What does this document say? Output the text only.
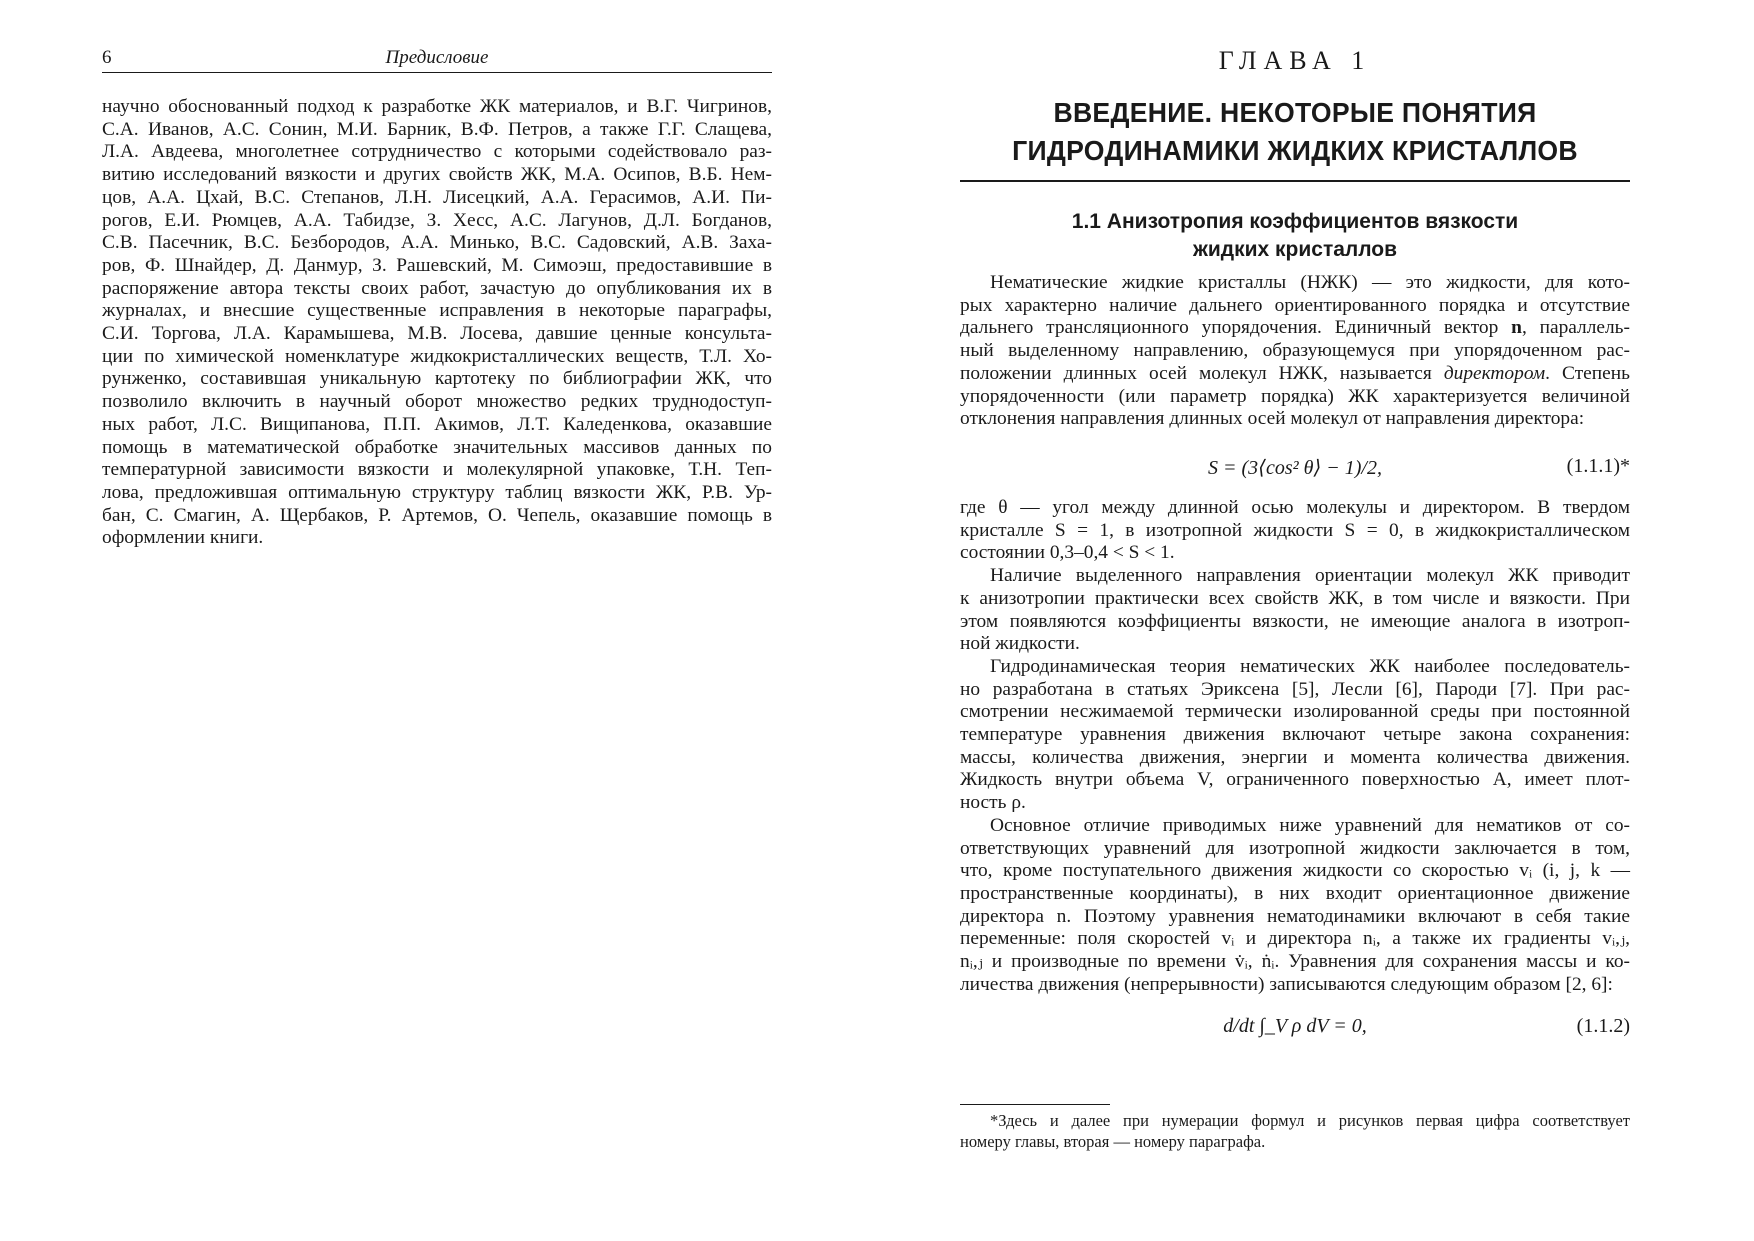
6	Предисловие
научно обоснованный подход к разработке ЖК материалов, и В.Г. Чигринов,
С.А. Иванов, А.С. Сонин, М.И. Барник, В.Ф. Петров, а также Г.Г. Слащева,
Л.А. Авдеева, многолетнее сотрудничество с которыми содействовало раз-
витию исследований вязкости и других свойств ЖК, М.А. Осипов, В.Б. Нем-
цов, А.А. Цхай, В.С. Степанов, Л.Н. Лисецкий, А.А. Герасимов, А.И. Пи-
рогов, Е.И. Рюмцев, А.А. Табидзе, З. Хесс, А.С. Лагунов, Д.Л. Богданов,
С.В. Пасечник, В.С. Безбородов, А.А. Минько, В.С. Садовский, А.В. Заха-
ров, Ф. Шнайдер, Д. Данмур, З. Рашевский, М. Симоэш, предоставившие в
распоряжение автора тексты своих работ, зачастую до опубликования их в
журналах, и внесшие существенные исправления в некоторые параграфы,
С.И. Торгова, Л.А. Карамышева, М.В. Лосева, давшие ценные консульта-
ции по химической номенклатуре жидкокристаллических веществ, Т.Л. Хо-
рунженко, составившая уникальную картотеку по библиографии ЖК, что
позволило включить в научный оборот множество редких труднодоступ-
ных работ, Л.С. Вищипанова, П.П. Акимов, Л.Т. Каледенкова, оказавшие
помощь в математической обработке значительных массивов данных по
температурной зависимости вязкости и молекулярной упаковке, Т.Н. Теп-
лова, предложившая оптимальную структуру таблиц вязкости ЖК, Р.В. Ур-
бан, С. Смагин, А. Щербаков, Р. Артемов, О. Чепель, оказавшие помощь в
оформлении книги.
ГЛАВА 1
ВВЕДЕНИЕ. НЕКОТОРЫЕ ПОНЯТИЯ
ГИДРОДИНАМИКИ ЖИДКИХ КРИСТАЛЛОВ
1.1 Анизотропия коэффициентов вязкости
жидких кристаллов
Нематические жидкие кристаллы (НЖК) — это жидкости, для кото-
рых характерно наличие дальнего ориентированного порядка и отсутствие
дальнего трансляционного упорядочения. Единичный вектор n, параллель-
ный выделенному направлению, образующемуся при упорядоченном рас-
положении длинных осей молекул НЖК, называется директором. Степень
упорядоченности (или параметр порядка) ЖК характеризуется величиной
отклонения направления длинных осей молекул от направления директора:
S = (3⟨cos² θ⟩ − 1)/2,	(1.1.1)*
где θ — угол между длинной осью молекулы и директором. В твердом
кристалле S = 1, в изотропной жидкости S = 0, в жидкокристаллическом
состоянии 0,3–0,4 < S < 1.
Наличие выделенного направления ориентации молекул ЖК приводит
к анизотропии практически всех свойств ЖК, в том числе и вязкости. При
этом появляются коэффициенты вязкости, не имеющие аналога в изотроп-
ной жидкости.
Гидродинамическая теория нематических ЖК наиболее последователь-
но разработана в статьях Эриксена [5], Лесли [6], Пароди [7]. При рас-
смотрении несжимаемой термически изолированной среды при постоянной
температуре уравнения движения включают четыре закона сохранения:
массы, количества движения, энергии и момента количества движения.
Жидкость внутри объема V, ограниченного поверхностью A, имеет плот-
ность ρ.
Основное отличие приводимых ниже уравнений для нематиков от со-
ответствующих уравнений для изотропной жидкости заключается в том,
что, кроме поступательного движения жидкости со скоростью vᵢ (i, j, k —
пространственные координаты), в них входит ориентационное движение
директора n. Поэтому уравнения нематодинамики включают в себя такие
переменные: поля скоростей vᵢ и директора nᵢ, а также их градиенты vᵢ,ⱼ,
nᵢ,ⱼ и производные по времени v̇ᵢ, ṅᵢ. Уравнения для сохранения массы и ко-
личества движения (непрерывности) записываются следующим образом [2, 6]:
d/dt ∫_V ρ dV = 0,	(1.1.2)
*Здесь и далее при нумерации формул и рисунков первая цифра соответствует
номеру главы, вторая — номеру параграфа.
